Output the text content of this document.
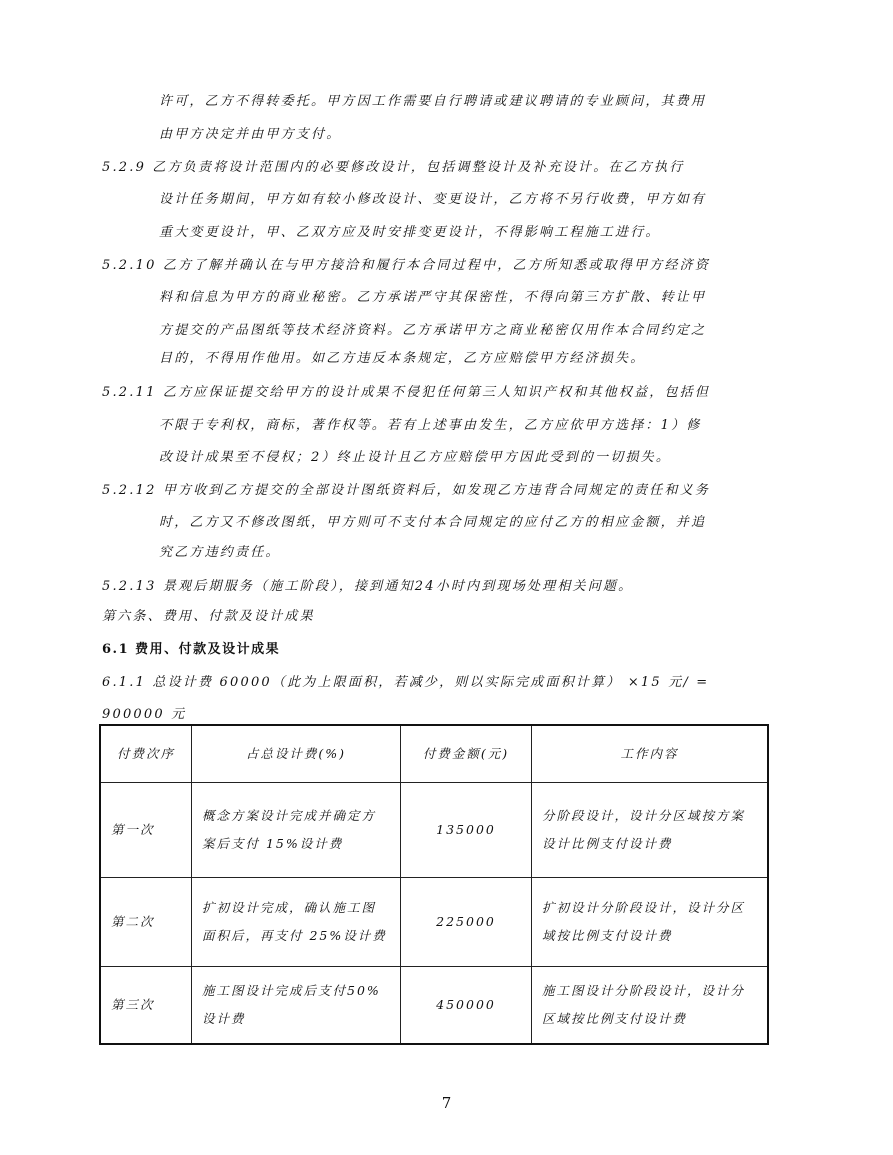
许可，乙方不得转委托。甲方因工作需要自行聘请或建议聘请的专业顾问，其费用
由甲方决定并由甲方支付。
5.2.9 乙方负责将设计范围内的必要修改设计，包括调整设计及补充设计。在乙方执行
设计任务期间，甲方如有较小修改设计、变更设计，乙方将不另行收费，甲方如有
重大变更设计，甲、乙双方应及时安排变更设计，不得影响工程施工进行。
5.2.10 乙方了解并确认在与甲方接洽和履行本合同过程中，乙方所知悉或取得甲方经济资
料和信息为甲方的商业秘密。乙方承诺严守其保密性，不得向第三方扩散、转让甲
方提交的产品图纸等技术经济资料。乙方承诺甲方之商业秘密仅用作本合同约定之
目的，不得用作他用。如乙方违反本条规定，乙方应赔偿甲方经济损失。
5.2.11 乙方应保证提交给甲方的设计成果不侵犯任何第三人知识产权和其他权益，包括但
不限于专利权，商标，著作权等。若有上述事由发生，乙方应依甲方选择：1）修
改设计成果至不侵权；2）终止设计且乙方应赔偿甲方因此受到的一切损失。
5.2.12 甲方收到乙方提交的全部设计图纸资料后，如发现乙方违背合同规定的责任和义务
时，乙方又不修改图纸，甲方则可不支付本合同规定的应付乙方的相应金额，并追
究乙方违约责任。
5.2.13 景观后期服务（施工阶段），接到通知24小时内到现场处理相关问题。
第六条、费用、付款及设计成果
6.1 费用、付款及设计成果
6.1.1 总设计费 60000（此为上限面积，若减少，则以实际完成面积计算） ×15 元/ =
900000 元
付费次序	占总设计费(%)	付费金额(元)	工作内容
第一次	概念方案设计完成并确定方案后支付 15%设计费	135000	分阶段设计，设计分区域按方案设计比例支付设计费
第二次	扩初设计完成，确认施工图面积后，再支付 25%设计费	225000	扩初设计分阶段设计，设计分区域按比例支付设计费
第三次	施工图设计完成后支付50%设计费	450000	施工图设计分阶段设计，设计分区域按比例支付设计费
7
